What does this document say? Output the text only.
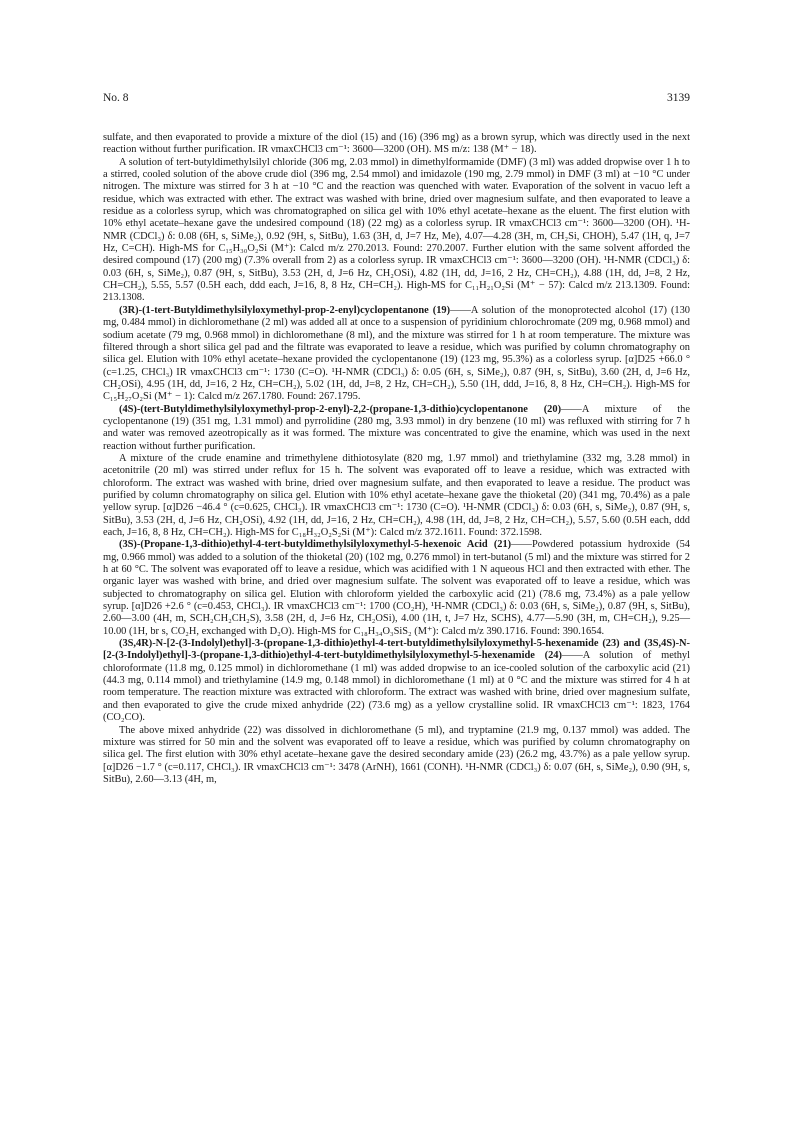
No. 8	3139

sulfate, and then evaporated to provide a mixture of the diol (15) and (16) (396 mg) as a brown syrup, which was directly used in the next reaction without further purification. IR νmaxCHCl3 cm⁻¹: 3600—3200 (OH). MS m/z: 138 (M⁺ − 18).

A solution of tert-butyldimethylsilyl chloride (306 mg, 2.03 mmol) in dimethylformamide (DMF) (3 ml) was added dropwise over 1 h to a stirred, cooled solution of the above crude diol (396 mg, 2.54 mmol) and imidazole (190 mg, 2.79 mmol) in DMF (3 ml) at −10 °C under nitrogen. The mixture was stirred for 3 h at −10 °C and the reaction was quenched with water. Evaporation of the solvent in vacuo left a residue, which was extracted with ether. The extract was washed with brine, dried over magnesium sulfate, and then evaporated to leave a residue as a colorless syrup, which was chromatographed on silica gel with 10% ethyl acetate–hexane as the eluent. The first elution with 10% ethyl acetate–hexane gave the undesired compound (18) (22 mg) as a colorless syrup. IR νmaxCHCl3 cm⁻¹: 3600—3200 (OH). ¹H-NMR (CDCl₃) δ: 0.08 (6H, s, SiMe₂), 0.92 (9H, s, SitBu), 1.63 (3H, d, J=7 Hz, Me), 4.07—4.28 (3H, m, CH₂Si, CHOH), 5.47 (1H, q, J=7 Hz, C=CH). High-MS for C₁₅H₃₀O₂Si (M⁺): Calcd m/z 270.2013. Found: 270.2007. Further elution with the same solvent afforded the desired compound (17) (200 mg) (7.3% overall from 2) as a colorless syrup. IR νmaxCHCl3 cm⁻¹: 3600—3200 (OH). ¹H-NMR (CDCl₃) δ: 0.03 (6H, s, SiMe₂), 0.87 (9H, s, SitBu), 3.53 (2H, d, J=6 Hz, CH₂OSi), 4.82 (1H, dd, J=16, 2 Hz, CH=CH₂), 4.88 (1H, dd, J=8, 2 Hz, CH=CH₂), 5.55, 5.57 (0.5H each, ddd each, J=16, 8, 8 Hz, CH=CH₂). High-MS for C₁₁H₂₁O₂Si (M⁺ − 57): Calcd m/z 213.1309. Found: 213.1308.

(3R)-(1-tert-Butyldimethylsilyloxymethyl-prop-2-enyl)cyclopentanone (19)——A solution of the monoprotected alcohol (17) (130 mg, 0.484 mmol) in dichloromethane (2 ml) was added all at once to a suspension of pyridinium chlorochromate (209 mg, 0.968 mmol) and sodium acetate (79 mg, 0.968 mmol) in dichloromethane (8 ml), and the mixture was stirred for 1 h at room temperature. The mixture was filtered through a short silica gel pad and the filtrate was evaporated to leave a residue, which was purified by column chromatography on silica gel. Elution with 10% ethyl acetate–hexane provided the cyclopentanone (19) (123 mg, 95.3%) as a colorless syrup. [α]D25 +66.0 ° (c=1.25, CHCl₃) IR νmaxCHCl3 cm⁻¹: 1730 (C=O). ¹H-NMR (CDCl₃) δ: 0.05 (6H, s, SiMe₂), 0.87 (9H, s, SitBu), 3.60 (2H, d, J=6 Hz, CH₂OSi), 4.95 (1H, dd, J=16, 2 Hz, CH=CH₂), 5.02 (1H, dd, J=8, 2 Hz, CH=CH₂), 5.50 (1H, ddd, J=16, 8, 8 Hz, CH=CH₂). High-MS for C₁₅H₂₇O₂Si (M⁺ − 1): Calcd m/z 267.1780. Found: 267.1795.

(4S)-(tert-Butyldimethylsilyloxymethyl-prop-2-enyl)-2,2-(propane-1,3-dithio)cyclopentanone (20)——A mixture of the cyclopentanone (19) (351 mg, 1.31 mmol) and pyrrolidine (280 mg, 3.93 mmol) in dry benzene (10 ml) was refluxed with stirring for 7 h and water was removed azeotropically as it was formed. The mixture was concentrated to give the enamine, which was used in the next reaction without further purification.

A mixture of the crude enamine and trimethylene dithiotosylate (820 mg, 1.97 mmol) and triethylamine (332 mg, 3.28 mmol) in acetonitrile (20 ml) was stirred under reflux for 15 h. The solvent was evaporated off to leave a residue, which was extracted with chloroform. The extract was washed with brine, dried over magnesium sulfate, and then evaporated to leave a residue. The product was purified by column chromatography on silica gel. Elution with 10% ethyl acetate–hexane gave the thioketal (20) (341 mg, 70.4%) as a pale yellow syrup. [α]D26 −46.4 ° (c=0.625, CHCl₃). IR νmaxCHCl3 cm⁻¹: 1730 (C=O). ¹H-NMR (CDCl₃) δ: 0.03 (6H, s, SiMe₂), 0.87 (9H, s, SitBu), 3.53 (2H, d, J=6 Hz, CH₂OSi), 4.92 (1H, dd, J=16, 2 Hz, CH=CH₂), 4.98 (1H, dd, J=8, 2 Hz, CH=CH₂), 5.57, 5.60 (0.5H each, ddd each, J=16, 8, 8 Hz, CH=CH₂). High-MS for C₁₈H₃₂O₂S₂Si (M⁺): Calcd m/z 372.1611. Found: 372.1598.

(3S)-(Propane-1,3-dithio)ethyl-4-tert-butyldimethylsilyloxymethyl-5-hexenoic Acid (21)——Powdered potassium hydroxide (54 mg, 0.966 mmol) was added to a solution of the thioketal (20) (102 mg, 0.276 mmol) in tert-butanol (5 ml) and the mixture was stirred for 2 h at 60 °C. The solvent was evaporated off to leave a residue, which was acidified with 1 N aqueous HCl and then extracted with ether. The organic layer was washed with brine, and dried over magnesium sulfate. The solvent was evaporated off to leave a residue, which was subjected to chromatography on silica gel. Elution with chloroform yielded the carboxylic acid (21) (78.6 mg, 73.4%) as a pale yellow syrup. [α]D26 +2.6 ° (c=0.453, CHCl₃). IR νmaxCHCl3 cm⁻¹: 1700 (CO₂H), ¹H-NMR (CDCl₃) δ: 0.03 (6H, s, SiMe₂), 0.87 (9H, s, SitBu), 2.60—3.00 (4H, m, SCH₂CH₂CH₂S), 3.58 (2H, d, J=6 Hz, CH₂OSi), 4.00 (1H, t, J=7 Hz, SCHS), 4.77—5.90 (3H, m, CH=CH₂), 9.25—10.00 (1H, br s, CO₂H, exchanged with D₂O). High-MS for C₁₈H₃₄O₃SiS₂ (M⁺): Calcd m/z 390.1716. Found: 390.1654.

(3S,4R)-N-[2-(3-Indolyl)ethyl]-3-(propane-1,3-dithio)ethyl-4-tert-butyldimethylsilyloxymethyl-5-hexenamide (23) and (3S,4S)-N-[2-(3-Indolyl)ethyl]-3-(propane-1,3-dithio)ethyl-4-tert-butyldimethylsilyloxymethyl-5-hexenamide (24)——A solution of methyl chloroformate (11.8 mg, 0.125 mmol) in dichloromethane (1 ml) was added dropwise to an ice-cooled solution of the carboxylic acid (21) (44.3 mg, 0.114 mmol) and triethylamine (14.9 mg, 0.148 mmol) in dichloromethane (1 ml) at 0 °C and the mixture was stirred for 4 h at room temperature. The reaction mixture was extracted with chloroform. The extract was washed with brine, dried over magnesium sulfate, and then evaporated to give the crude mixed anhydride (22) (73.6 mg) as a yellow crystalline solid. IR νmaxCHCl3 cm⁻¹: 1823, 1764 (CO₂CO).

The above mixed anhydride (22) was dissolved in dichloromethane (5 ml), and tryptamine (21.9 mg, 0.137 mmol) was added. The mixture was stirred for 50 min and the solvent was evaporated off to leave a residue, which was purified by column chromatography on silica gel. The first elution with 30% ethyl acetate–hexane gave the desired secondary amide (23) (26.2 mg, 43.7%) as a pale yellow syrup. [α]D26 −1.7 ° (c=0.117, CHCl₃). IR νmaxCHCl3 cm⁻¹: 3478 (ArNH), 1661 (CONH). ¹H-NMR (CDCl₃) δ: 0.07 (6H, s, SiMe₂), 0.90 (9H, s, SitBu), 2.60—3.13 (4H, m,
